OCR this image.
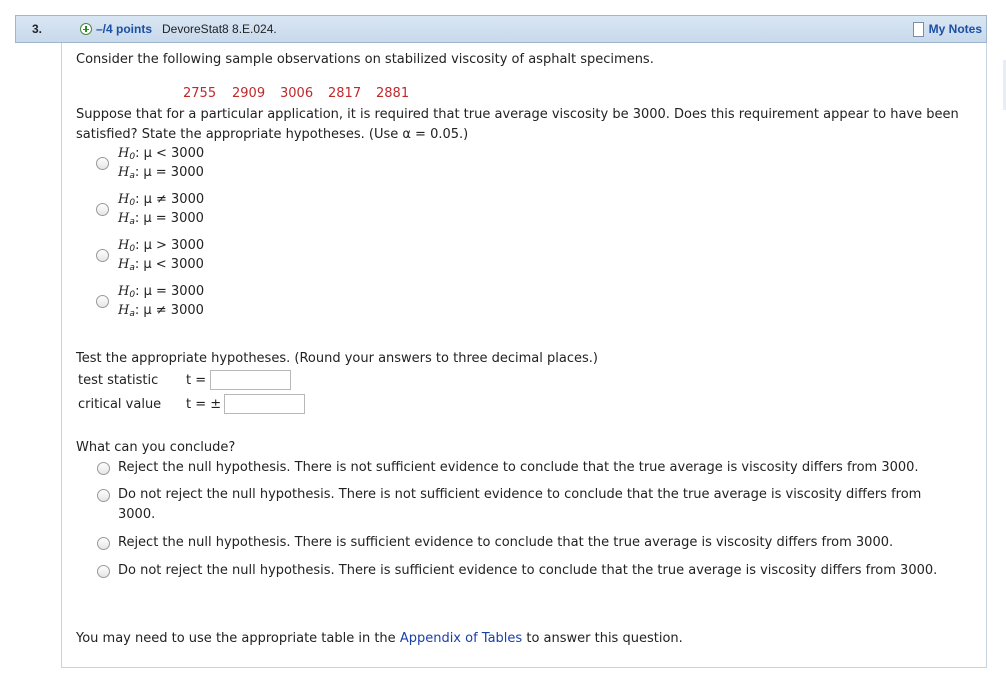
3.	–/4 points DevoreStat8 8.E.024.	My Notes
Consider the following sample observations on stabilized viscosity of asphalt specimens.
2755 2909 3006 2817 2881
Suppose that for a particular application, it is required that true average viscosity be 3000. Does this requirement appear to have been
satisfied? State the appropriate hypotheses. (Use α = 0.05.)
$H_0$: μ < 3000
$H_a$: μ = 3000
$H_0$: μ ≠ 3000
$H_a$: μ = 3000
$H_0$: μ > 3000
$H_a$: μ < 3000
$H_0$: μ = 3000
$H_a$: μ ≠ 3000
Test the appropriate hypotheses. (Round your answers to three decimal places.)
test statistic t =
critical value t = ±
What can you conclude?
Reject the null hypothesis. There is not sufficient evidence to conclude that the true average is viscosity differs from 3000.
Do not reject the null hypothesis. There is not sufficient evidence to conclude that the true average is viscosity differs from
3000.
Reject the null hypothesis. There is sufficient evidence to conclude that the true average is viscosity differs from 3000.
Do not reject the null hypothesis. There is sufficient evidence to conclude that the true average is viscosity differs from 3000.
You may need to use the appropriate table in the Appendix of Tables to answer this question.
